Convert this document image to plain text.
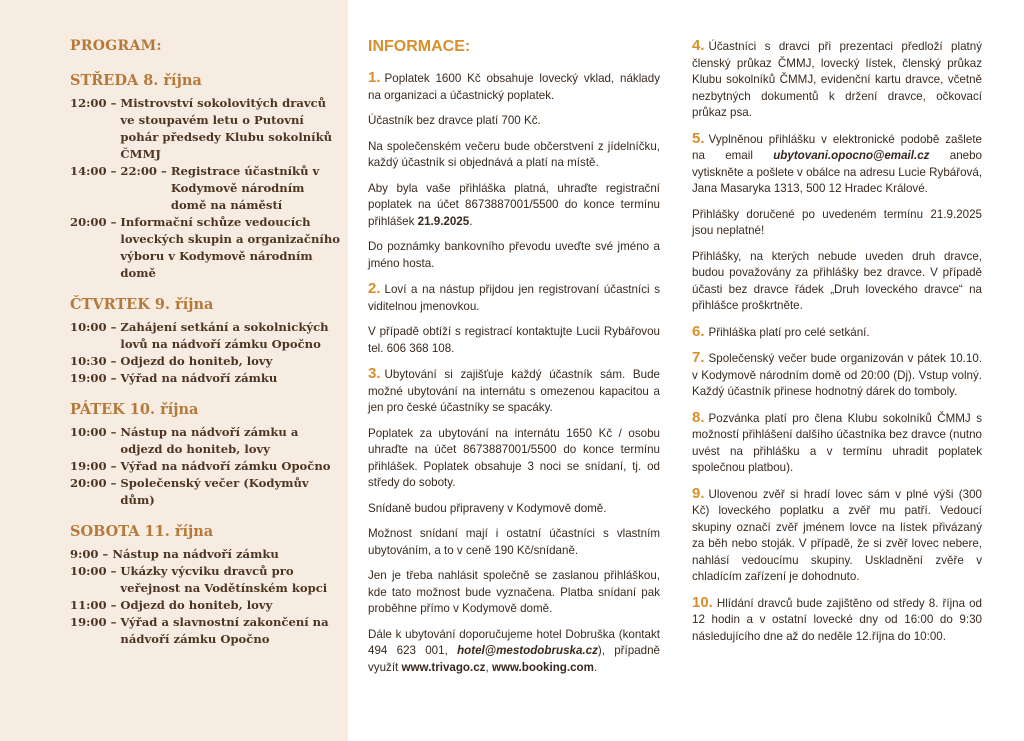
PROGRAM:
STŘEDA 8. října
12:00 – Mistrovství sokolovitých dravců ve stoupavém letu o Putovní pohár předsedy Klubu sokolníků ČMMJ
14:00 – 22:00 – Registrace účastníků v Kodymově národním domě na náměstí
20:00 – Informační schůze vedoucích loveckých skupin a organizačního výboru v Kodymově národním domě
ČTVRTEK 9. října
10:00 – Zahájení setkání a sokolnických lovů na nádvoří zámku Opočno
10:30 – Odjezd do honiteb, lovy
19:00 – Výřad na nádvoří zámku
PÁTEK 10. října
10:00 – Nástup na nádvoří zámku a odjezd do honiteb, lovy
19:00 – Výřad na nádvoří zámku Opočno
20:00 – Společenský večer (Kodymův dům)
SOBOTA 11. října
9:00 – Nástup na nádvoří zámku
10:00 – Ukázky výcviku dravců pro veřejnost na Vodětínském kopci
11:00 – Odjezd do honiteb, lovy
19:00 – Výřad a slavnostní zakončení na nádvoří zámku Opočno
INFORMACE:

1. Poplatek 1600 Kč obsahuje lovecký vklad, náklady na organizaci a účastnický poplatek.

Účastník bez dravce platí 700 Kč.

Na společenském večeru bude občerstvení z jídelníčku, každý účastník si objednává a platí na místě.

Aby byla vaše přihláška platná, uhraďte registrační poplatek na účet 8673887001/5500 do konce termínu přihlášek 21.9.2025.

Do poznámky bankovního převodu uveďte své jméno a jméno hosta.

2. Loví a na nástup přijdou jen registrovaní účastníci s viditelnou jmenovkou.

V případě obtíží s registrací kontaktujte Lucii Rybářovou tel. 606 368 108.

3. Ubytování si zajišťuje každý účastník sám. Bude možné ubytování na internátu s omezenou kapacitou a jen pro české účastníky se spacáky.

Poplatek za ubytování na internátu 1650 Kč / osobu uhraďte na účet 8673887001/5500 do konce termínu přihlášek. Poplatek obsahuje 3 noci se snídaní, tj. od středy do soboty.

Snídaně budou připraveny v Kodymově domě.

Možnost snídaní mají i ostatní účastníci s vlastním ubytováním, a to v ceně 190 Kč/snídaně.

Jen je třeba nahlásit společně se zaslanou přihláškou, kde tato možnost bude vyznačena. Platba snídaní pak proběhne přímo v Kodymově domě.

Dále k ubytování doporučujeme hotel Dobruška (kontakt 494 623 001, hotel@mestodobruska.cz), případně využít www.trivago.cz, www.booking.com.

4. Účastníci s dravci při prezentaci předloží platný členský průkaz ČMMJ, lovecký lístek, členský průkaz Klubu sokolníků ČMMJ, evidenční kartu dravce, včetně nezbytných dokumentů k držení dravce, očkovací průkaz psa.

5. Vyplněnou přihlášku v elektronické podobě zašlete na email ubytovani.opocno@email.cz anebo vytiskněte a pošlete v obálce na adresu Lucie Rybářová, Jana Masaryka 1313, 500 12 Hradec Králové.

Přihlášky doručené po uvedeném termínu 21.9.2025 jsou neplatné!

Přihlášky, na kterých nebude uveden druh dravce, budou považovány za přihlášky bez dravce. V případě účasti bez dravce řádek „Druh loveckého dravce“ na přihlášce proškrtněte.

6. Přihláška platí pro celé setkání.

7. Společenský večer bude organizován v pátek 10.10. v Kodymově národním domě od 20:00 (Dj). Vstup volný. Každý účastník přinese hodnotný dárek do tomboly.

8. Pozvánka platí pro člena Klubu sokolníků ČMMJ s možností přihlášení dalšího účastníka bez dravce (nutno uvést na přihlášku a v termínu uhradit poplatek společnou platbou).

9. Ulovenou zvěř si hradí lovec sám v plné výši (300 Kč) loveckého poplatku a zvěř mu patří. Vedoucí skupiny označí zvěř jménem lovce na lístek přivázaný za běh nebo stoják. V případě, že si zvěř lovec nebere, nahlásí vedoucímu skupiny. Uskladnění zvěře v chladícím zařízení je dohodnuto.

10. Hlídání dravců bude zajištěno od středy 8. října od 12 hodin a v ostatní lovecké dny od 16:00 do 9:30 následujícího dne až do neděle 12.října do 10:00.
